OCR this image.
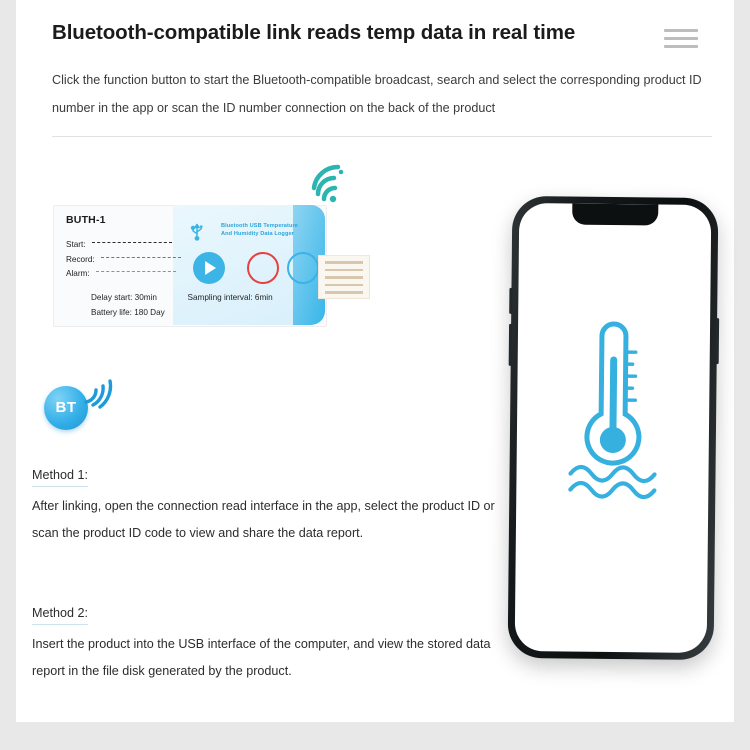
Bluetooth-compatible link reads temp data in real time
Click the function button to start the Bluetooth-compatible broadcast, search and select the corresponding product ID number in the app or scan the ID number connection on the back of the product
BUTH-1
Start:
Record:
Alarm:
Bluetooth USB Temperature
And Humidity Data Logger
Delay start: 30min	Sampling interval: 6min
Battery life: 180 Day
BT
Method 1:
After linking, open the connection read interface in the app, select the product ID or scan the product ID code to view and share the data report.
Method 2:
Insert the product into the USB interface of the computer, and view the stored data report in the file disk generated by the product.
